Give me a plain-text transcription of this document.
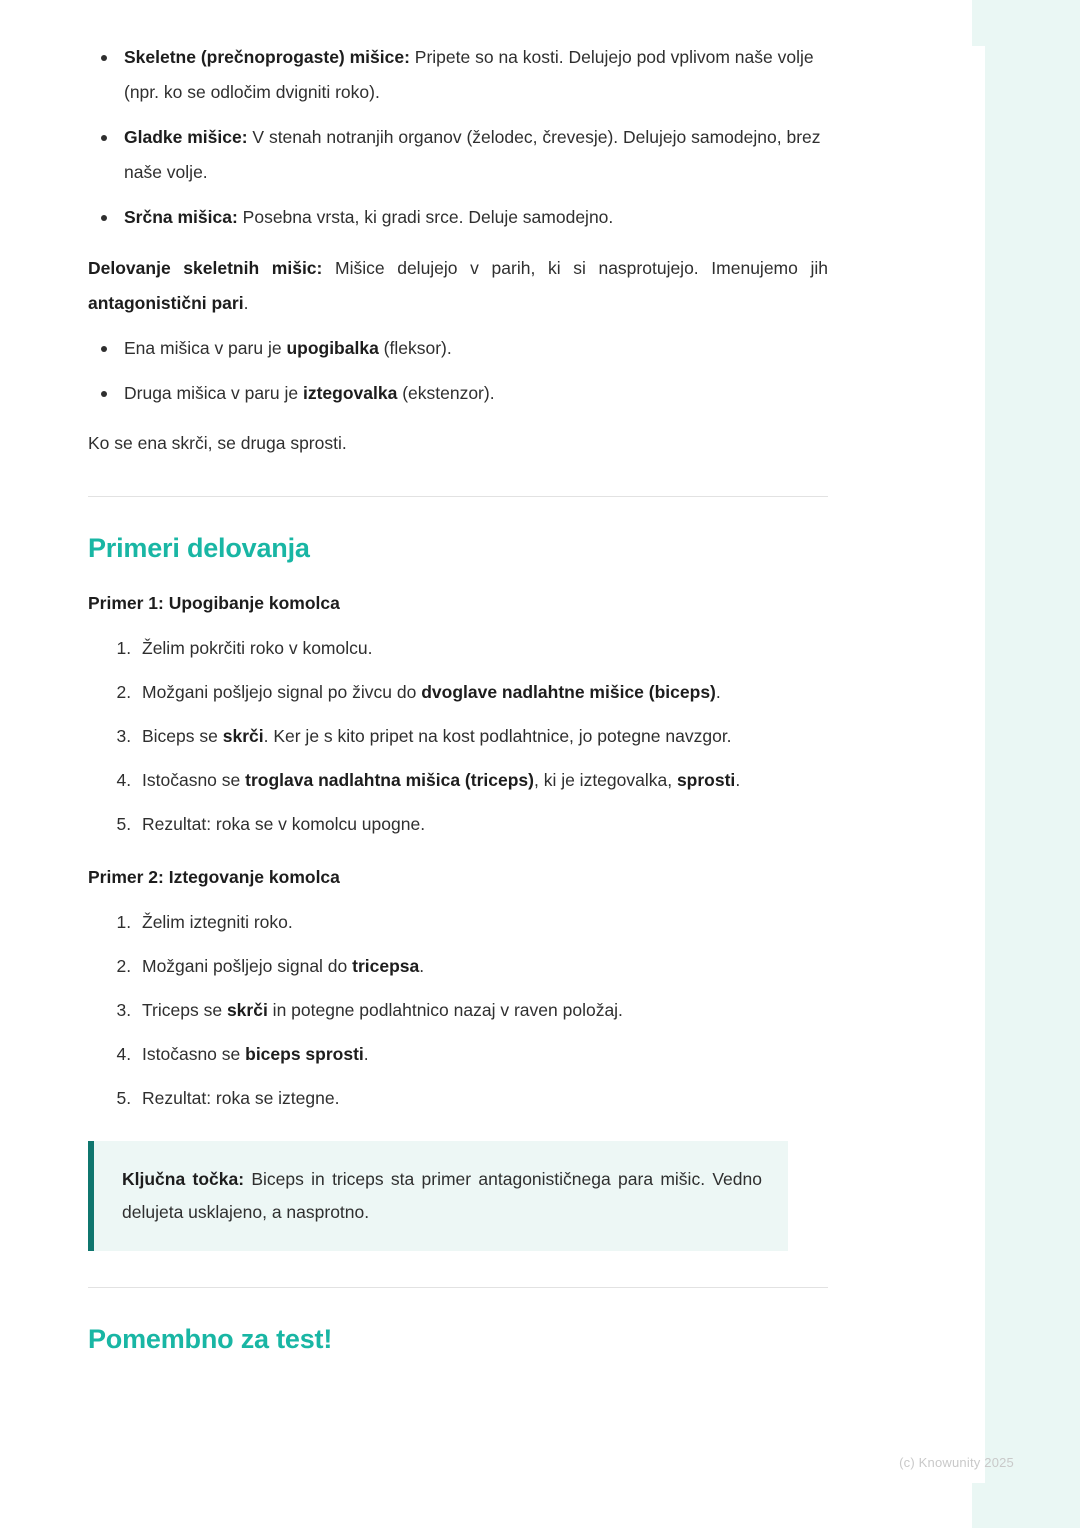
Skeletne (prečnoprogaste) mišice: Pripete so na kosti. Delujejo pod vplivom naše volje (npr. ko se odločim dvigniti roko).
Gladke mišice: V stenah notranjih organov (želodec, črevesje). Delujejo samodejno, brez naše volje.
Srčna mišica: Posebna vrsta, ki gradi srce. Deluje samodejno.

Delovanje skeletnih mišic: Mišice delujejo v parih, ki si nasprotujejo. Imenujemo jih antagonistični pari.

Ena mišica v paru je upogibalka (fleksor).
Druga mišica v paru je iztegovalka (ekstenzor).

Ko se ena skrči, se druga sprosti.

Primeri delovanja
Primer 1: Upogibanje komolca
1. Želim pokrčiti roko v komolcu.
2. Možgani pošljejo signal po živcu do dvoglave nadlahtne mišice (biceps).
3. Biceps se skrči. Ker je s kito pripet na kost podlahtnice, jo potegne navzgor.
4. Istočasno se troglava nadlahtna mišica (triceps), ki je iztegovalka, sprosti.
5. Rezultat: roka se v komolcu upogne.
Primer 2: Iztegovanje komolca
1. Želim iztegniti roko.
2. Možgani pošljejo signal do tricepsa.
3. Triceps se skrči in potegne podlahtnico nazaj v raven položaj.
4. Istočasno se biceps sprosti.
5. Rezultat: roka se iztegne.

Ključna točka: Biceps in triceps sta primer antagonističnega para mišic. Vedno delujeta usklajeno, a nasprotno.

Pomembno za test!
(c) Knowunity 2025
